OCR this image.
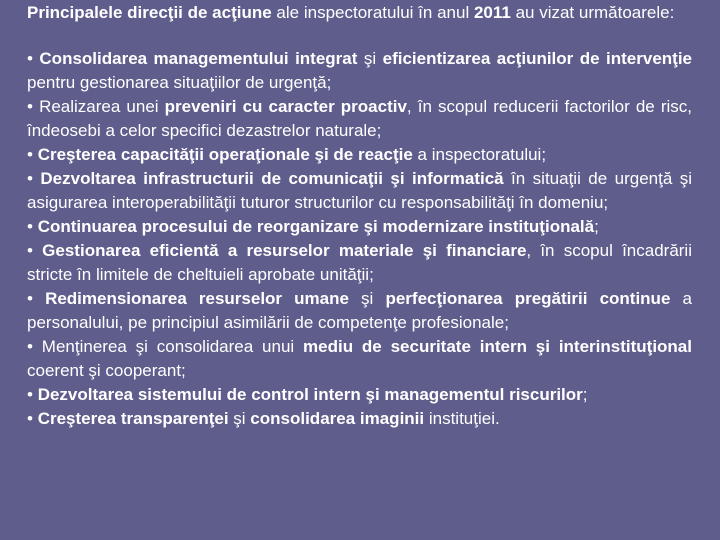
Principalele direcţii de acţiune ale inspectoratului în anul 2011 au vizat următoarele:

• Consolidarea managementului integrat şi eficientizarea acţiunilor de intervenţie pentru gestionarea situaţiilor de urgenţă;
• Realizarea unei preveniri cu caracter proactiv, în scopul reducerii factorilor de risc, îndeosebi a celor specifici dezastrelor naturale;
• Creşterea capacităţii operaţionale şi de reacţie a inspectoratului;
• Dezvoltarea infrastructurii de comunicaţii şi informatică în situaţii de urgenţă şi asigurarea interoperabilităţii tuturor structurilor cu responsabilităţi în domeniu;
• Continuarea procesului de reorganizare şi modernizare instituţională;
• Gestionarea eficientă a resurselor materiale şi financiare, în scopul încadrării stricte în limitele de cheltuieli aprobate unităţii;
• Redimensionarea resurselor umane şi perfecţionarea pregătirii continue a personalului, pe principiul asimilării de competenţe profesionale;
• Menţinerea şi consolidarea unui mediu de securitate intern şi interinstituţional coerent şi cooperant;
• Dezvoltarea sistemului de control intern şi managementul riscurilor;
• Creşterea transparenţei şi consolidarea imaginii instituţiei.
